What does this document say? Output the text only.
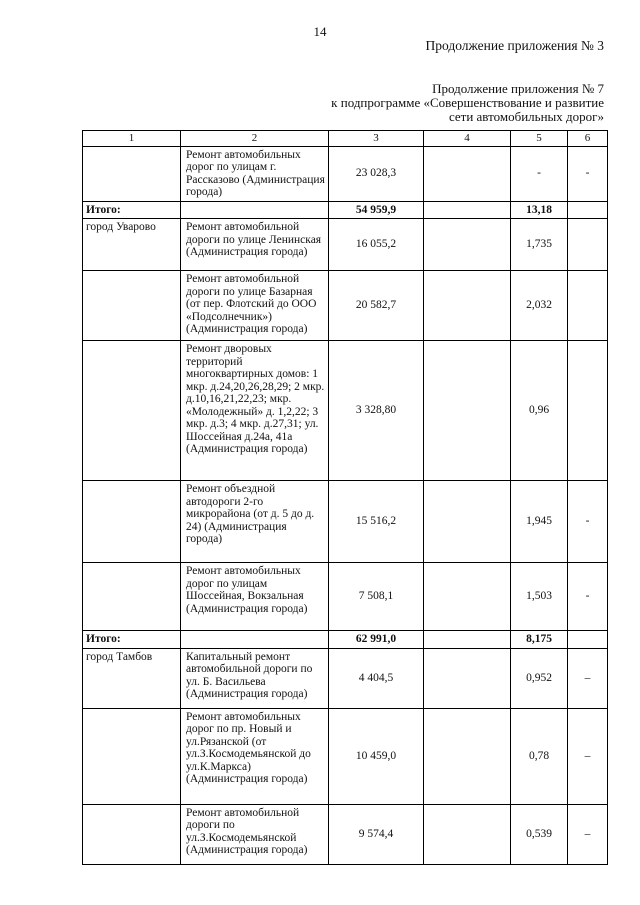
14
Продолжение приложения № 3
Продолжение приложения № 7
к подпрограмме «Совершенствование и развитие
сети автомобильных дорог»
1	2	3	4	5	6
	Ремонт автомобильных дорог по улицам г. Рассказово (Администрация города)	23 028,3		-	-
Итого:		54 959,9		13,18	
город Уварово	Ремонт автомобильной дороги по улице Ленинская (Администрация города)	16 055,2		1,735	
	Ремонт автомобильной дороги по улице Базарная (от пер. Флотский до ООО «Подсолнечник») (Администрация города)	20 582,7		2,032	
	Ремонт дворовых территорий многоквартирных домов: 1 мкр. д.24,20,26,28,29; 2 мкр. д.10,16,21,22,23; мкр. «Молодежный» д. 1,2,22; 3 мкр. д.3; 4 мкр. д.27,31; ул. Шоссейная д.24а, 41а (Администрация города)	3 328,80		0,96	
	Ремонт объездной автодороги 2-го микрорайона (от д. 5 до д. 24) (Администрация города)	15 516,2		1,945	-
	Ремонт автомобильных дорог по улицам Шоссейная, Вокзальная (Администрация города)	7 508,1		1,503	-
Итого:		62 991,0		8,175	
город Тамбов	Капитальный ремонт автомобильной дороги по ул. Б. Васильева (Администрация города)	4 404,5		0,952	–
	Ремонт автомобильных дорог по пр. Новый и ул.Рязанской (от ул.З.Космодемьянской до ул.К.Маркса) (Администрация города)	10 459,0		0,78	–
	Ремонт автомобильной дороги по ул.З.Космодемьянской (Администрация города)	9 574,4		0,539	–
